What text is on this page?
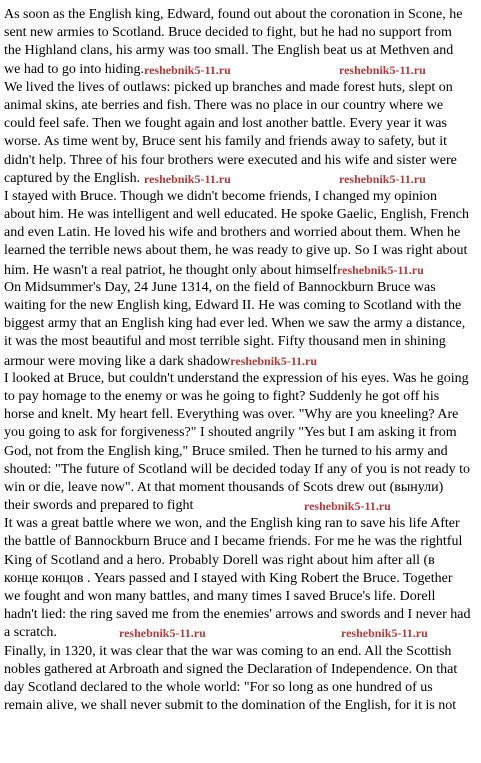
As soon as the English king, Edward, found out about the coronation in Scone, he
sent new armies to Scotland. Bruce decided to fight, but he had no support from
the Highland clans, his army was too small. The English beat us at Methven and
we had to go into hiding. reshebnik5-11.ru	reshebnik5-11.ru
We lived the lives of outlaws: picked up branches and made forest huts, slept on
animal skins, ate berries and fish. There was no place in our country where we
could feel safe. Then we fought again and lost another battle. Every year it was
worse. As time went by, Bruce sent his family and friends away to safety, but it
didn't help. Three of his four brothers were executed and his wife and sister were
captured by the English. reshebnik5-11.ru	reshebnik5-11.ru
I stayed with Bruce. Though we didn't become friends, I changed my opinion
about him. He was intelligent and well educated. He spoke Gaelic, English, French
and even Latin. He loved his wife and brothers and worried about them. When he
learned the terrible news about them, he was ready to give up. So I was right about
him. He wasn't a real patriot, he thought only about himselfreshebnik5-11.ru
On Midsummer's Day, 24 June 1314, on the field of Bannockburn Bruce was
waiting for the new English king, Edward II. He was coming to Scotland with the
biggest army that an English king had ever led. When we saw the army a distance,
it was the most beautiful and most terrible sight. Fifty thousand men in shining
armour were moving like a dark shadowreshebnik5-11.ru
I looked at Bruce, but couldn't understand the expression of his eyes. Was he going
to pay homage to the enemy or was he going to fight? Suddenly he got off his
horse and knelt. My heart fell. Everything was over. "Why are you kneeling? Are
you going to ask for forgiveness?" I shouted angrily "Yes but I am asking it from
God, not from the English king," Bruce smiled. Then he turned to his army and
shouted: "The future of Scotland will be decided today If any of you is not ready to
win or die, leave now". At that moment thousands of Scots drew out (вынули)
their swords and prepared to fight	reshebnik5-11.ru
It was a great battle where we won, and the English king ran to save his life After
the battle of Bannockburn Bruce and I became friends. For me he was the rightful
King of Scotland and a hero. Probably Dorell was right about him after all (в
конце концов . Years passed and I stayed with King Robert the Bruce. Together
we fought and won many battles, and many times I saved Bruce's life. Dorell
hadn't lied: the ring saved me from the enemies' arrows and swords and I never had
a scratch.	reshebnik5-11.ru	reshebnik5-11.ru
Finally, in 1320, it was clear that the war was coming to an end. All the Scottish
nobles gathered at Arbroath and signed the Declaration of Independence. On that
day Scotland declared to the whole world: "For so long as one hundred of us
remain alive, we shall never submit to the domination of the English, for it is not
